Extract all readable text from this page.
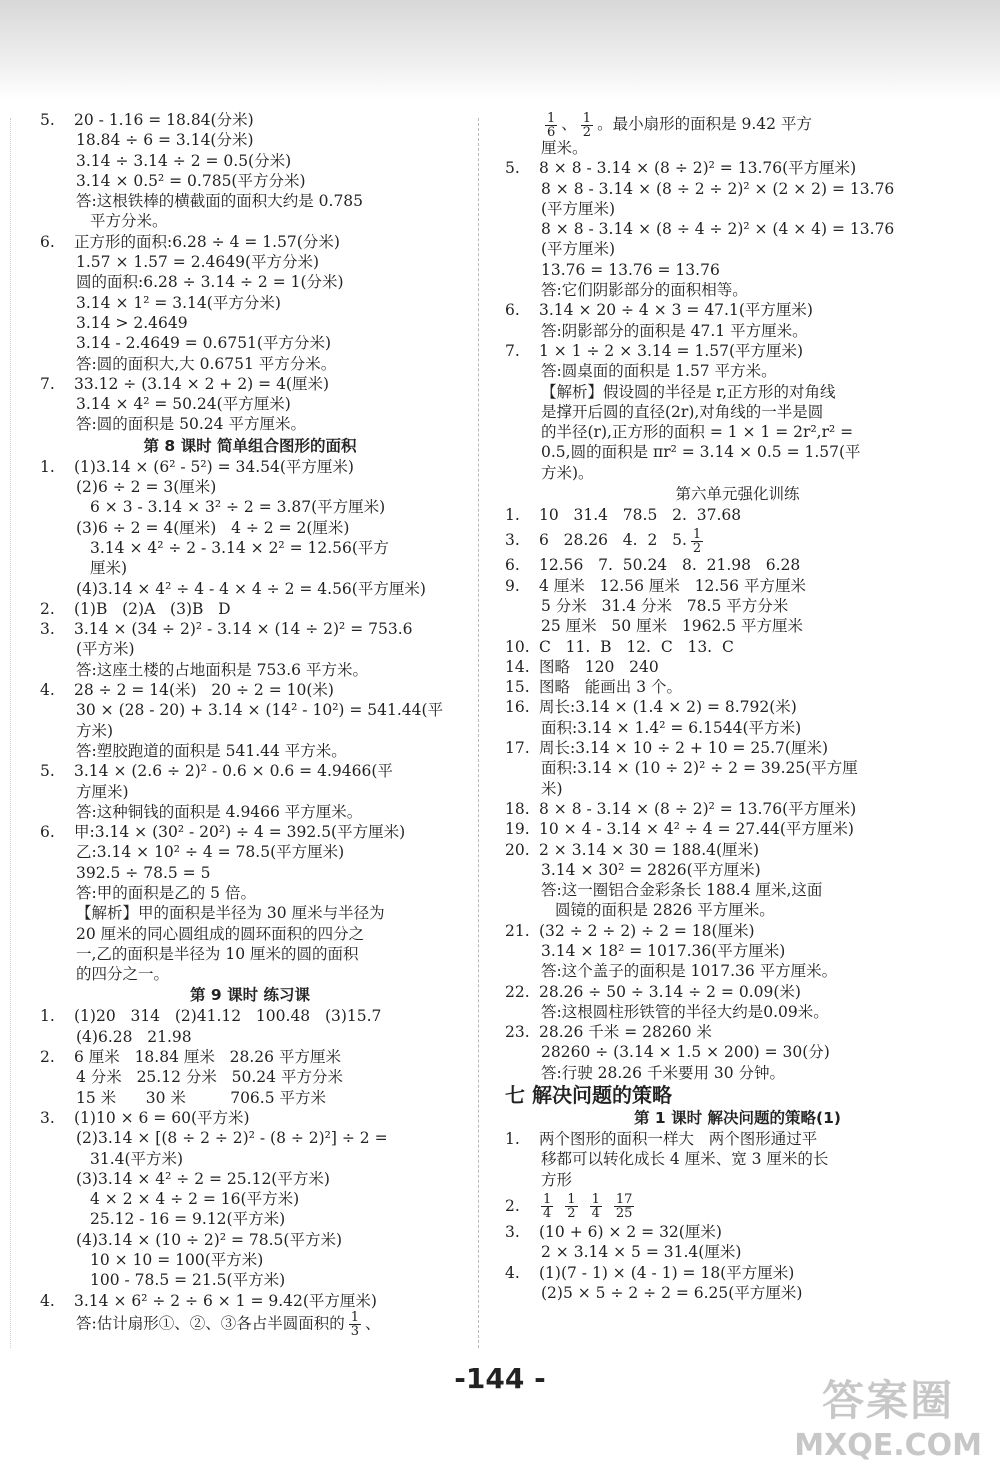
5. 20 - 1.16 = 18.84(分米)
18.84 ÷ 6 = 3.14(分米)
3.14 ÷ 3.14 ÷ 2 = 0.5(分米)
3.14 × 0.5² = 0.785(平方分米)
答:这根铁棒的横截面的面积大约是 0.785
平方分米。
6. 正方形的面积:6.28 ÷ 4 = 1.57(分米)
1.57 × 1.57 = 2.4649(平方分米)
圆的面积:6.28 ÷ 3.14 ÷ 2 = 1(分米)
3.14 × 1² = 3.14(平方分米)
3.14 > 2.4649
3.14 - 2.4649 = 0.6751(平方分米)
答:圆的面积大,大 0.6751 平方分米。
7. 33.12 ÷ (3.14 × 2 + 2) = 4(厘米)
3.14 × 4² = 50.24(平方厘米)
答:圆的面积是 50.24 平方厘米。
第 8 课时 简单组合图形的面积
1. (1)3.14 × (6² - 5²) = 34.54(平方厘米)
(2)6 ÷ 2 = 3(厘米)
6 × 3 - 3.14 × 3² ÷ 2 = 3.87(平方厘米)
(3)6 ÷ 2 = 4(厘米)   4 ÷ 2 = 2(厘米)
3.14 × 4² ÷ 2 - 3.14 × 2² = 12.56(平方
厘米)
(4)3.14 × 4² ÷ 4 - 4 × 4 ÷ 2 = 4.56(平方厘米)
2. (1)B   (2)A   (3)B   D
3. 3.14 × (34 ÷ 2)² - 3.14 × (14 ÷ 2)² = 753.6
(平方米)
答:这座土楼的占地面积是 753.6 平方米。
4. 28 ÷ 2 = 14(米)   20 ÷ 2 = 10(米)
30 × (28 - 20) + 3.14 × (14² - 10²) = 541.44(平
方米)
答:塑胶跑道的面积是 541.44 平方米。
5. 3.14 × (2.6 ÷ 2)² - 0.6 × 0.6 = 4.9466(平
方厘米)
答:这种铜钱的面积是 4.9466 平方厘米。
6. 甲:3.14 × (30² - 20²) ÷ 4 = 392.5(平方厘米)
乙:3.14 × 10² ÷ 4 = 78.5(平方厘米)
392.5 ÷ 78.5 = 5
答:甲的面积是乙的 5 倍。
【解析】甲的面积是半径为 30 厘米与半径为
20 厘米的同心圆组成的圆环面积的四分之
一,乙的面积是半径为 10 厘米的圆的面积
的四分之一。
第 9 课时 练习课
1. (1)20   314   (2)41.12   100.48   (3)15.7
(4)6.28   21.98
2. 6 厘米   18.84 厘米   28.26 平方厘米
4 分米   25.12 分米   50.24 平方分米
15 米      30 米         706.5 平方米
3. (1)10 × 6 = 60(平方米)
(2)3.14 × [(8 ÷ 2 ÷ 2)² - (8 ÷ 2)²] ÷ 2 =
31.4(平方米)
(3)3.14 × 4² ÷ 2 = 25.12(平方米)
4 × 2 × 4 ÷ 2 = 16(平方米)
25.12 - 16 = 9.12(平方米)
(4)3.14 × (10 ÷ 2)² = 78.5(平方米)
10 × 10 = 100(平方米)
100 - 78.5 = 21.5(平方米)
4. 3.14 × 6² ÷ 2 ÷ 6 × 1 = 9.42(平方厘米)
答:估计扇形①、②、③各占半圆面积的 $\frac{1}{3}$ 、
$\frac{1}{6}$ 、 $\frac{1}{2}$ 。最小扇形的面积是 9.42 平方
厘米。
5. 8 × 8 - 3.14 × (8 ÷ 2)² = 13.76(平方厘米)
8 × 8 - 3.14 × (8 ÷ 2 ÷ 2)² × (2 × 2) = 13.76
(平方厘米)
8 × 8 - 3.14 × (8 ÷ 4 ÷ 2)² × (4 × 4) = 13.76
(平方厘米)
13.76 = 13.76 = 13.76
答:它们阴影部分的面积相等。
6. 3.14 × 20 ÷ 4 × 3 = 47.1(平方厘米)
答:阴影部分的面积是 47.1 平方厘米。
7. 1 × 1 ÷ 2 × 3.14 = 1.57(平方厘米)
答:圆桌面的面积是 1.57 平方米。
【解析】假设圆的半径是 r,正方形的对角线
是撑开后圆的直径(2r),对角线的一半是圆
的半径(r),正方形的面积 = 1 × 1 = 2r²,r² =
0.5,圆的面积是 πr² = 3.14 × 0.5 = 1.57(平
方米)。
第六单元强化训练
1. 10   31.4   78.5   2.  37.68
3. 6   28.26   4.  2   5. $\frac{1}{2}$
6. 12.56   7.  50.24   8.  21.98   6.28
9. 4 厘米   12.56 厘米   12.56 平方厘米
5 分米   31.4 分米   78.5 平方分米
25 厘米   50 厘米   1962.5 平方厘米
10. C   11.  B   12.  C   13.  C
14. 图略   120   240
15. 图略   能画出 3 个。
16. 周长:3.14 × (1.4 × 2) = 8.792(米)
面积:3.14 × 1.4² = 6.1544(平方米)
17. 周长:3.14 × 10 ÷ 2 + 10 = 25.7(厘米)
面积:3.14 × (10 ÷ 2)² ÷ 2 = 39.25(平方厘
米)
18. 8 × 8 - 3.14 × (8 ÷ 2)² = 13.76(平方厘米)
19. 10 × 4 - 3.14 × 4² ÷ 4 = 27.44(平方厘米)
20. 2 × 3.14 × 30 = 188.4(厘米)
3.14 × 30² = 2826(平方厘米)
答:这一圈铝合金彩条长 188.4 厘米,这面
圆镜的面积是 2826 平方厘米。
21. (32 ÷ 2 ÷ 2) ÷ 2 = 18(厘米)
3.14 × 18² = 1017.36(平方厘米)
答:这个盖子的面积是 1017.36 平方厘米。
22. 28.26 ÷ 50 ÷ 3.14 ÷ 2 = 0.09(米)
答:这根圆柱形铁管的半径大约是0.09米。
23. 28.26 千米 = 28260 米
28260 ÷ (3.14 × 1.5 × 200) = 30(分)
答:行驶 28.26 千米要用 30 分钟。
七 解决问题的策略
第 1 课时 解决问题的策略(1)
1. 两个图形的面积一样大   两个图形通过平
移都可以转化成长 4 厘米、宽 3 厘米的长
方形
2. $\frac{1}{4} \frac{1}{2} \frac{1}{4} \frac{17}{25}$
3. (10 + 6) × 2 = 32(厘米)
2 × 3.14 × 5 = 31.4(厘米)
4. (1)(7 - 1) × (4 - 1) = 18(平方厘米)
(2)5 × 5 ÷ 2 ÷ 2 = 6.25(平方厘米)
-144 -	答案圈
MXQE.COM
